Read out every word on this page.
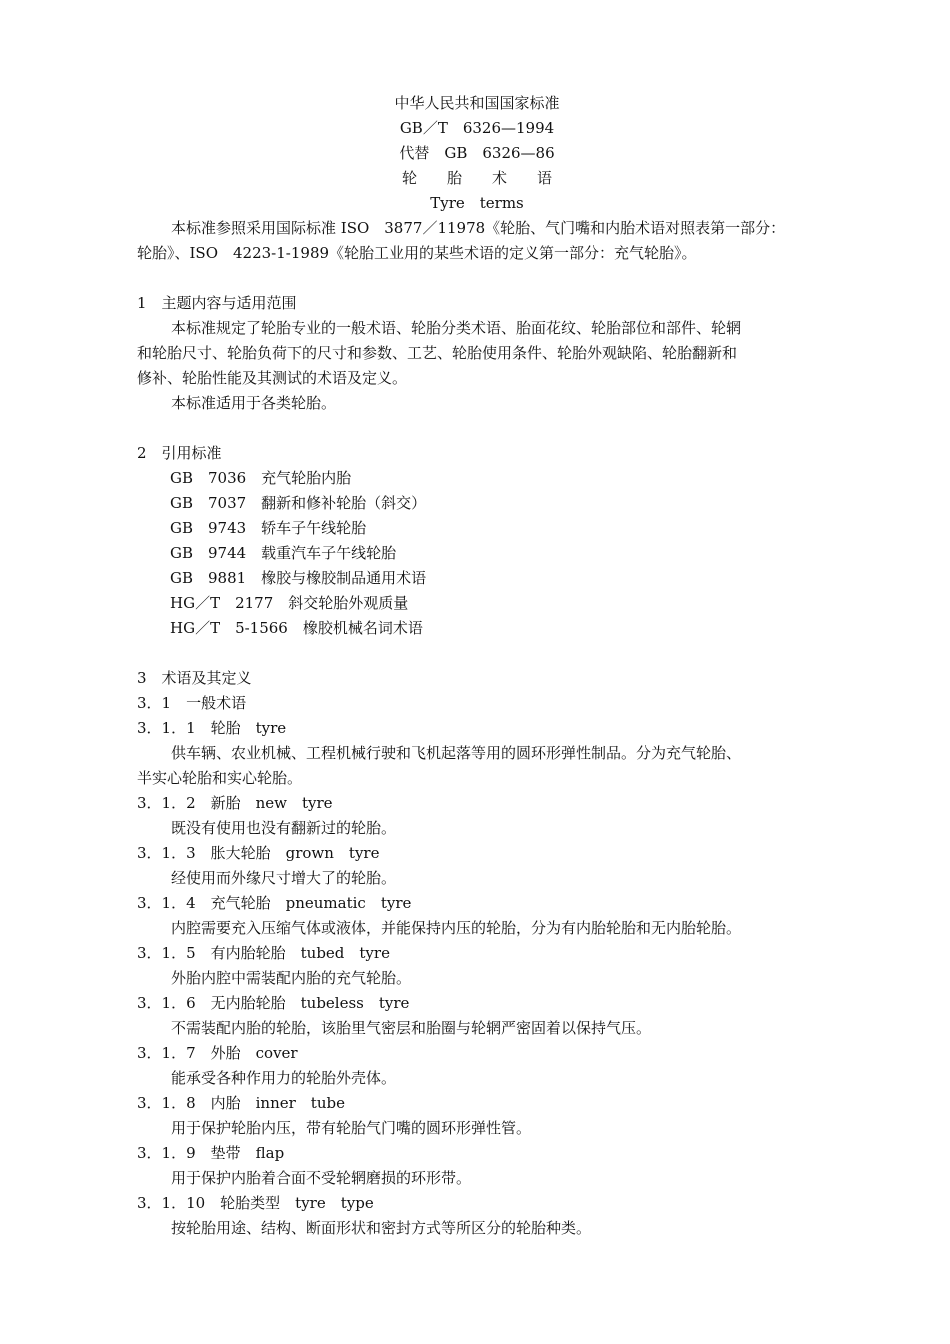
中华人民共和国国家标准
GB／T　6326—1994
代替　GB　6326—86
轮　　胎　　术　　语
Tyre　terms
本标准参照采用国际标准 ISO　3877／11978《轮胎、气门嘴和内胎术语对照表第一部分：
轮胎》、ISO　4223-1-1989《轮胎工业用的某些术语的定义第一部分：充气轮胎》。
1　主题内容与适用范围
本标准规定了轮胎专业的一般术语、轮胎分类术语、胎面花纹、轮胎部位和部件、轮辋
和轮胎尺寸、轮胎负荷下的尺寸和参数、工艺、轮胎使用条件、轮胎外观缺陷、轮胎翻新和
修补、轮胎性能及其测试的术语及定义。
本标准适用于各类轮胎。
2　引用标准
GB　7036　充气轮胎内胎
GB　7037　翻新和修补轮胎（斜交）
GB　9743　轿车子午线轮胎
GB　9744　载重汽车子午线轮胎
GB　9881　橡胶与橡胶制品通用术语
HG／T　2177　斜交轮胎外观质量
HG／T　5-1566　橡胶机械名词术语
3　术语及其定义
3．1　一般术语
3．1．1　轮胎　tyre
供车辆、农业机械、工程机械行驶和飞机起落等用的圆环形弹性制品。分为充气轮胎、
半实心轮胎和实心轮胎。
3．1．2　新胎　new　tyre
既没有使用也没有翻新过的轮胎。
3．1．3　胀大轮胎　grown　tyre
经使用而外缘尺寸增大了的轮胎。
3．1．4　充气轮胎　pneumatic　tyre
内腔需要充入压缩气体或液体，并能保持内压的轮胎，分为有内胎轮胎和无内胎轮胎。
3．1．5　有内胎轮胎　tubed　tyre
外胎内腔中需装配内胎的充气轮胎。
3．1．6　无内胎轮胎　tubeless　tyre
不需装配内胎的轮胎，该胎里气密层和胎圈与轮辋严密固着以保持气压。
3．1．7　外胎　cover
能承受各种作用力的轮胎外壳体。
3．1．8　内胎　inner　tube
用于保护轮胎内压，带有轮胎气门嘴的圆环形弹性管。
3．1．9　垫带　flap
用于保护内胎着合面不受轮辋磨损的环形带。
3．1．10　轮胎类型　tyre　type
按轮胎用途、结构、断面形状和密封方式等所区分的轮胎种类。
